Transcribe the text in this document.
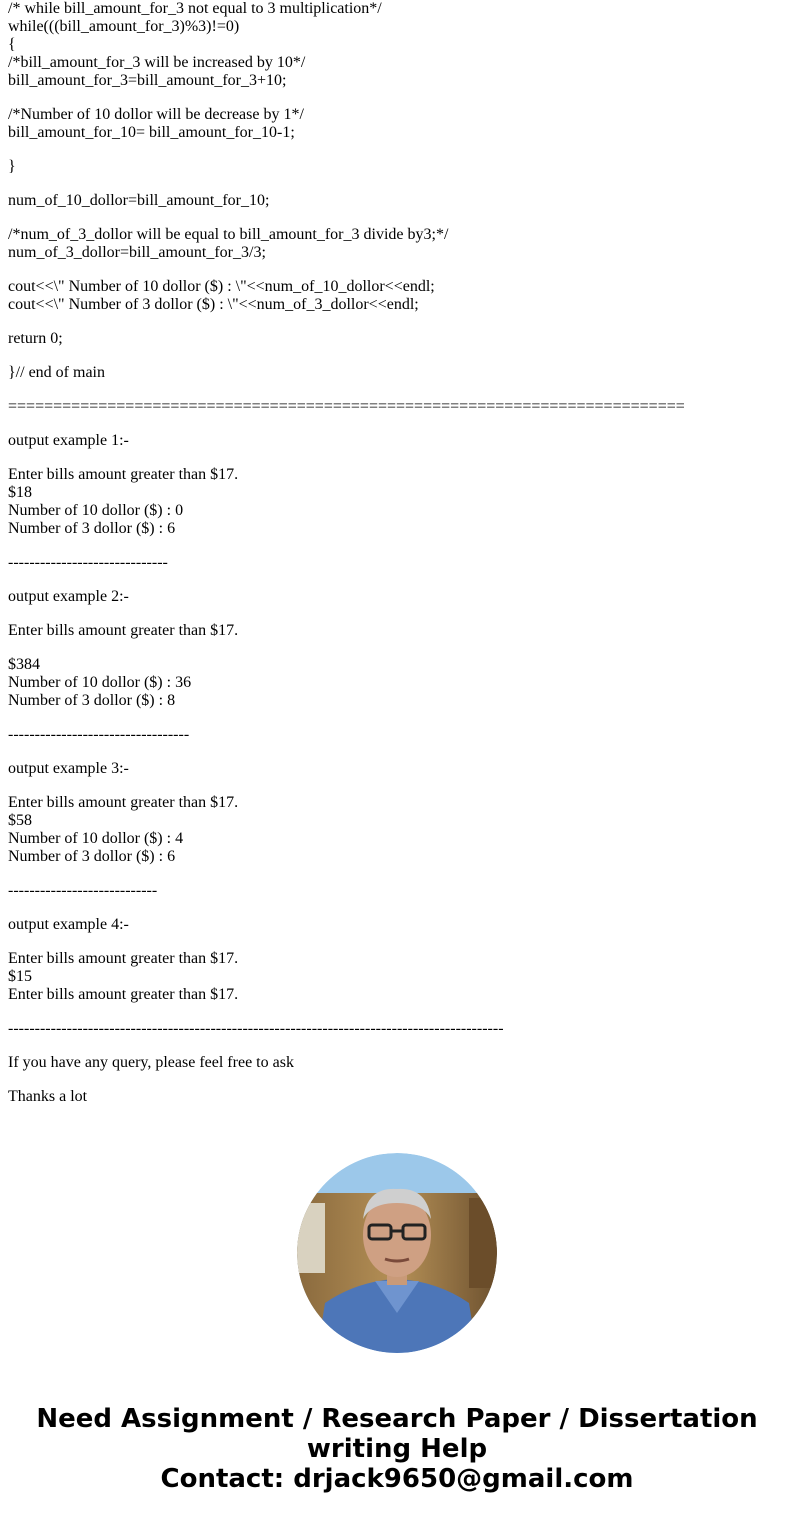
/* while bill_amount_for_3 not equal to 3 multiplication*/
while(((bill_amount_for_3)%3)!=0)
{
/*bill_amount_for_3 will be increased by 10*/
bill_amount_for_3=bill_amount_for_3+10;

/*Number of 10 dollor will be decrease by 1*/
bill_amount_for_10= bill_amount_for_10-1;

}

num_of_10_dollor=bill_amount_for_10;

/*num_of_3_dollor will be equal to bill_amount_for_3 divide by3;*/
num_of_3_dollor=bill_amount_for_3/3;

cout<<\" Number of 10 dollor ($) : \"<<num_of_10_dollor<<endl;
cout<<\" Number of 3 dollor ($) : \"<<num_of_3_dollor<<endl;

return 0;

}// end of main

===========================================================================

output example 1:-

Enter bills amount greater than $17.
$18
Number of 10 dollor ($) : 0
Number of 3 dollor ($) : 6

------------------------------

output example 2:-

Enter bills amount greater than $17.

$384
Number of 10 dollor ($) : 36
Number of 3 dollor ($) : 8

----------------------------------

output example 3:-

Enter bills amount greater than $17.
$58
Number of 10 dollor ($) : 4
Number of 3 dollor ($) : 6

----------------------------

output example 4:-

Enter bills amount greater than $17.
$15
Enter bills amount greater than $17.

---------------------------------------------------------------------------------------------

If you have any query, please feel free to ask

Thanks a lot

Need Assignment / Research Paper / Dissertation
writing Help
Contact: drjack9650@gmail.com
